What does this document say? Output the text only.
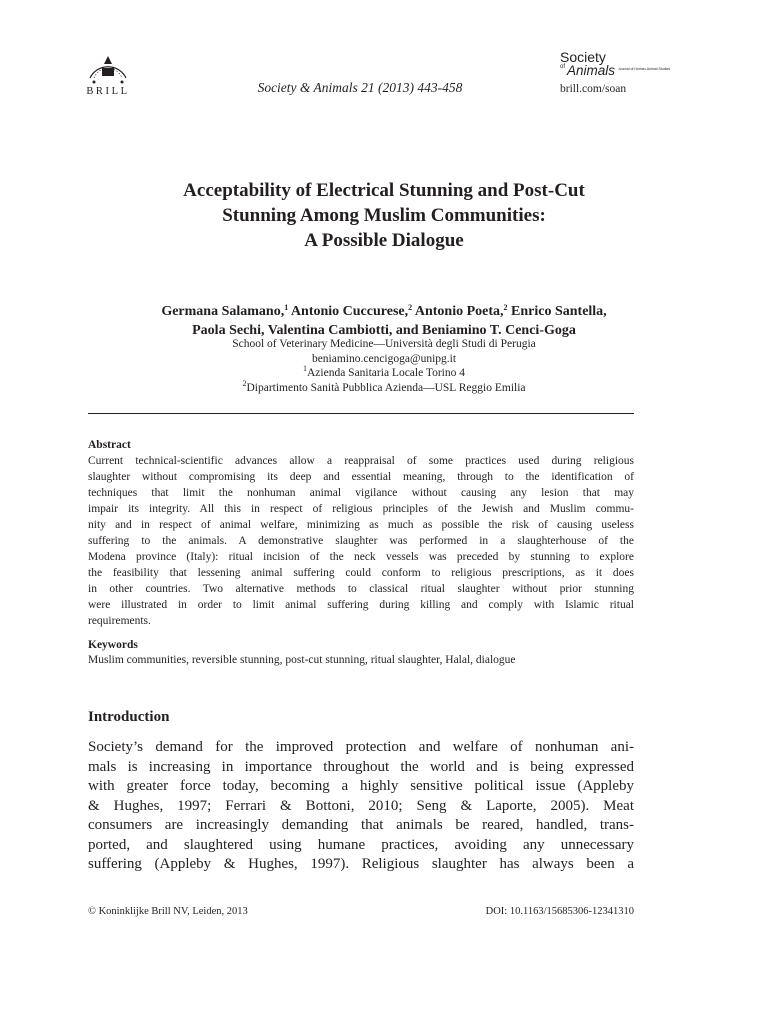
BRILL	Society & Animals 21 (2013) 443-458
Society
of Animals Journal of Human-Animal Studies
brill.com/soan
Acceptability of Electrical Stunning and Post-Cut
Stunning Among Muslim Communities:
A Possible Dialogue
Germana Salamano,$^1$ Antonio Cuccurese,$^2$ Antonio Poeta,$^2$ Enrico Santella,
Paola Sechi, Valentina Cambiotti, and Beniamino T. Cenci-Goga
School of Veterinary Medicine—Università degli Studi di Perugia
beniamino.cencigoga@unipg.it
$^1$Azienda Sanitaria Locale Torino 4
$^2$Dipartimento Sanità Pubblica Azienda—USL Reggio Emilia
Abstract
Current technical-scientific advances allow a reappraisal of some practices used during religious
slaughter without compromising its deep and essential meaning, through to the identification of
techniques that limit the nonhuman animal vigilance without causing any lesion that may
impair its integrity. All this in respect of religious principles of the Jewish and Muslim commu-
nity and in respect of animal welfare, minimizing as much as possible the risk of causing useless
suffering to the animals. A demonstrative slaughter was performed in a slaughterhouse of the
Modena province (Italy): ritual incision of the neck vessels was preceded by stunning to explore
the feasibility that lessening animal suffering could conform to religious prescriptions, as it does
in other countries. Two alternative methods to classical ritual slaughter without prior stunning
were illustrated in order to limit animal suffering during killing and comply with Islamic ritual
requirements.
Keywords
Muslim communities, reversible stunning, post-cut stunning, ritual slaughter, Halal, dialogue
Introduction
Society’s demand for the improved protection and welfare of nonhuman ani-
mals is increasing in importance throughout the world and is being expressed
with greater force today, becoming a highly sensitive political issue (Appleby
& Hughes, 1997; Ferrari & Bottoni, 2010; Seng & Laporte, 2005). Meat
consumers are increasingly demanding that animals be reared, handled, trans-
ported, and slaughtered using humane practices, avoiding any unnecessary
suffering (Appleby & Hughes, 1997). Religious slaughter has always been a
© Koninklijke Brill NV, Leiden, 2013	DOI: 10.1163/15685306-12341310
